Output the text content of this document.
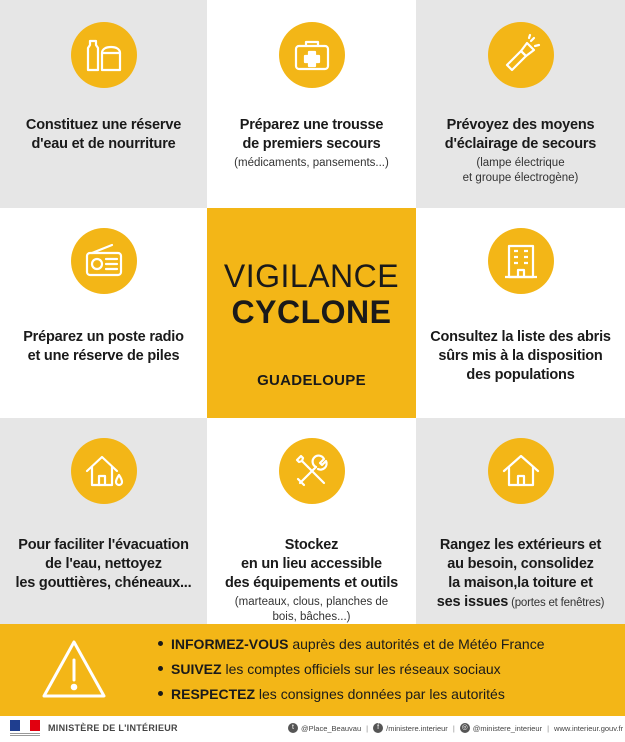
Constituez une réserve
d'eau et de nourriture
Préparez une trousse
de premiers secours
(médicaments, pansements...)
Prévoyez des moyens
d'éclairage de secours
(lampe électrique
et groupe électrogène)
Préparez un poste radio
et une réserve de piles
VIGILANCE
CYCLONE
GUADELOUPE
Consultez la liste des abris
sûrs mis à la disposition
des populations
Pour faciliter l'évacuation
de l'eau, nettoyez
les gouttières, chéneaux...
Stockez
en un lieu accessible
des équipements et outils
(marteaux, clous, planches de
bois, bâches...)
Rangez les extérieurs et
au besoin, consolidez
la maison,la toiture et
ses issues (portes et fenêtres)
INFORMEZ-VOUS auprès des autorités et de Météo France
SUIVEZ les comptes officiels sur les réseaux sociaux
RESPECTEZ les consignes données par les autorités
MINISTÈRE DE L'INTÉRIEUR	t @Place_Beauvau |	f /ministere.interieur | ◎ @ministere_interieur | www.interieur.gouv.fr
